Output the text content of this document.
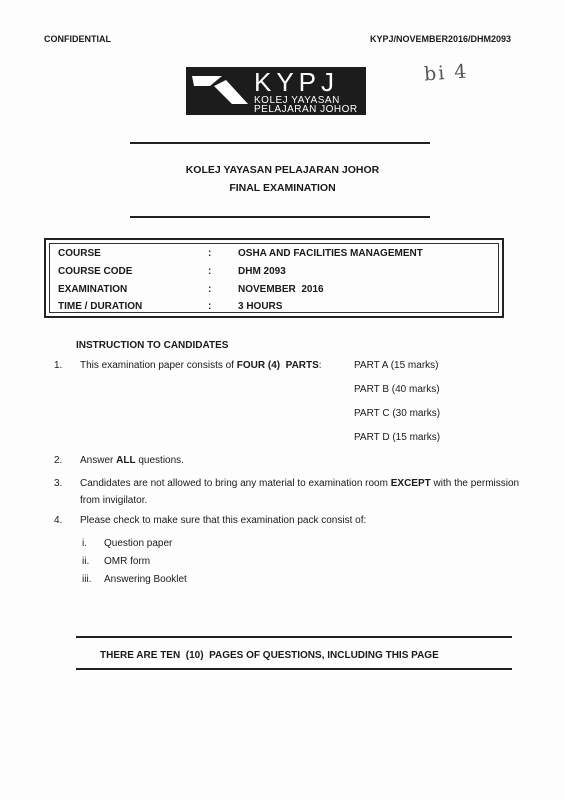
CONFIDENTIAL	KYPJ/NOVEMBER2016/DHM2093
bi 4
KYPJ
KOLEJ YAYASAN
PELAJARAN JOHOR
KOLEJ YAYASAN PELAJARAN JOHOR
FINAL EXAMINATION
COURSE	:	OSHA AND FACILITIES MANAGEMENT
COURSE CODE	:	DHM 2093
EXAMINATION	:	NOVEMBER  2016
TIME / DURATION	:	3 HOURS
INSTRUCTION TO CANDIDATES
1. This examination paper consists of FOUR (4)  PARTS:	PART A (15 marks)
PART B (40 marks)
PART C (30 marks)
PART D (15 marks)
2. Answer ALL questions.
3. Candidates are not allowed to bring any material to examination room EXCEPT with the permission
from invigilator.
4. Please check to make sure that this examination pack consist of:
i. Question paper
ii. OMR form
iii. Answering Booklet
THERE ARE TEN  (10)  PAGES OF QUESTIONS, INCLUDING THIS PAGE
